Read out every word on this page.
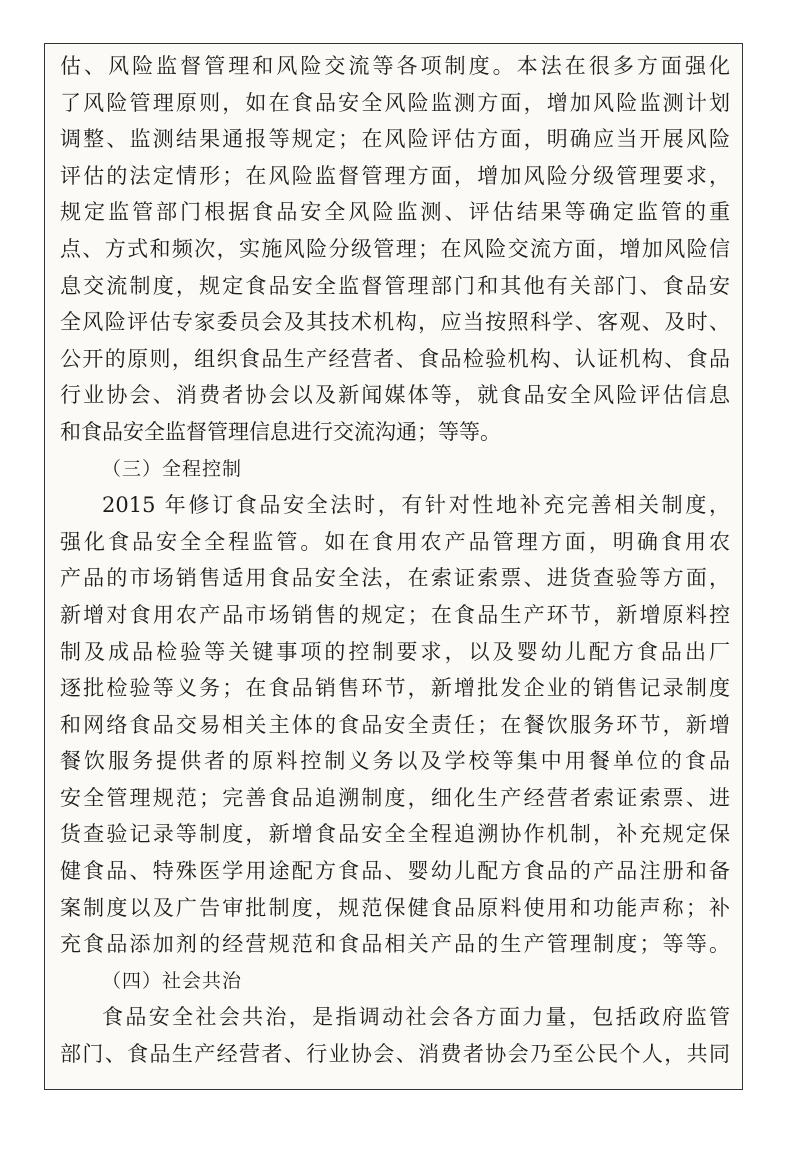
估、风险监督管理和风险交流等各项制度。本法在很多方面强化
了风险管理原则，如在食品安全风险监测方面，增加风险监测计划
调整、监测结果通报等规定；在风险评估方面，明确应当开展风险
评估的法定情形；在风险监督管理方面，增加风险分级管理要求，
规定监管部门根据食品安全风险监测、评估结果等确定监管的重
点、方式和频次，实施风险分级管理；在风险交流方面，增加风险信
息交流制度，规定食品安全监督管理部门和其他有关部门、食品安
全风险评估专家委员会及其技术机构，应当按照科学、客观、及时、
公开的原则，组织食品生产经营者、食品检验机构、认证机构、食品
行业协会、消费者协会以及新闻媒体等，就食品安全风险评估信息
和食品安全监督管理信息进行交流沟通；等等。
（三）全程控制
2015 年修订食品安全法时，有针对性地补充完善相关制度，
强化食品安全全程监管。如在食用农产品管理方面，明确食用农
产品的市场销售适用食品安全法，在索证索票、进货查验等方面，
新增对食用农产品市场销售的规定；在食品生产环节，新增原料控
制及成品检验等关键事项的控制要求，以及婴幼儿配方食品出厂
逐批检验等义务；在食品销售环节，新增批发企业的销售记录制度
和网络食品交易相关主体的食品安全责任；在餐饮服务环节，新增
餐饮服务提供者的原料控制义务以及学校等集中用餐单位的食品
安全管理规范；完善食品追溯制度，细化生产经营者索证索票、进
货查验记录等制度，新增食品安全全程追溯协作机制，补充规定保
健食品、特殊医学用途配方食品、婴幼儿配方食品的产品注册和备
案制度以及广告审批制度，规范保健食品原料使用和功能声称；补
充食品添加剂的经营规范和食品相关产品的生产管理制度；等等。
（四）社会共治
食品安全社会共治，是指调动社会各方面力量，包括政府监管
部门、食品生产经营者、行业协会、消费者协会乃至公民个人，共同
